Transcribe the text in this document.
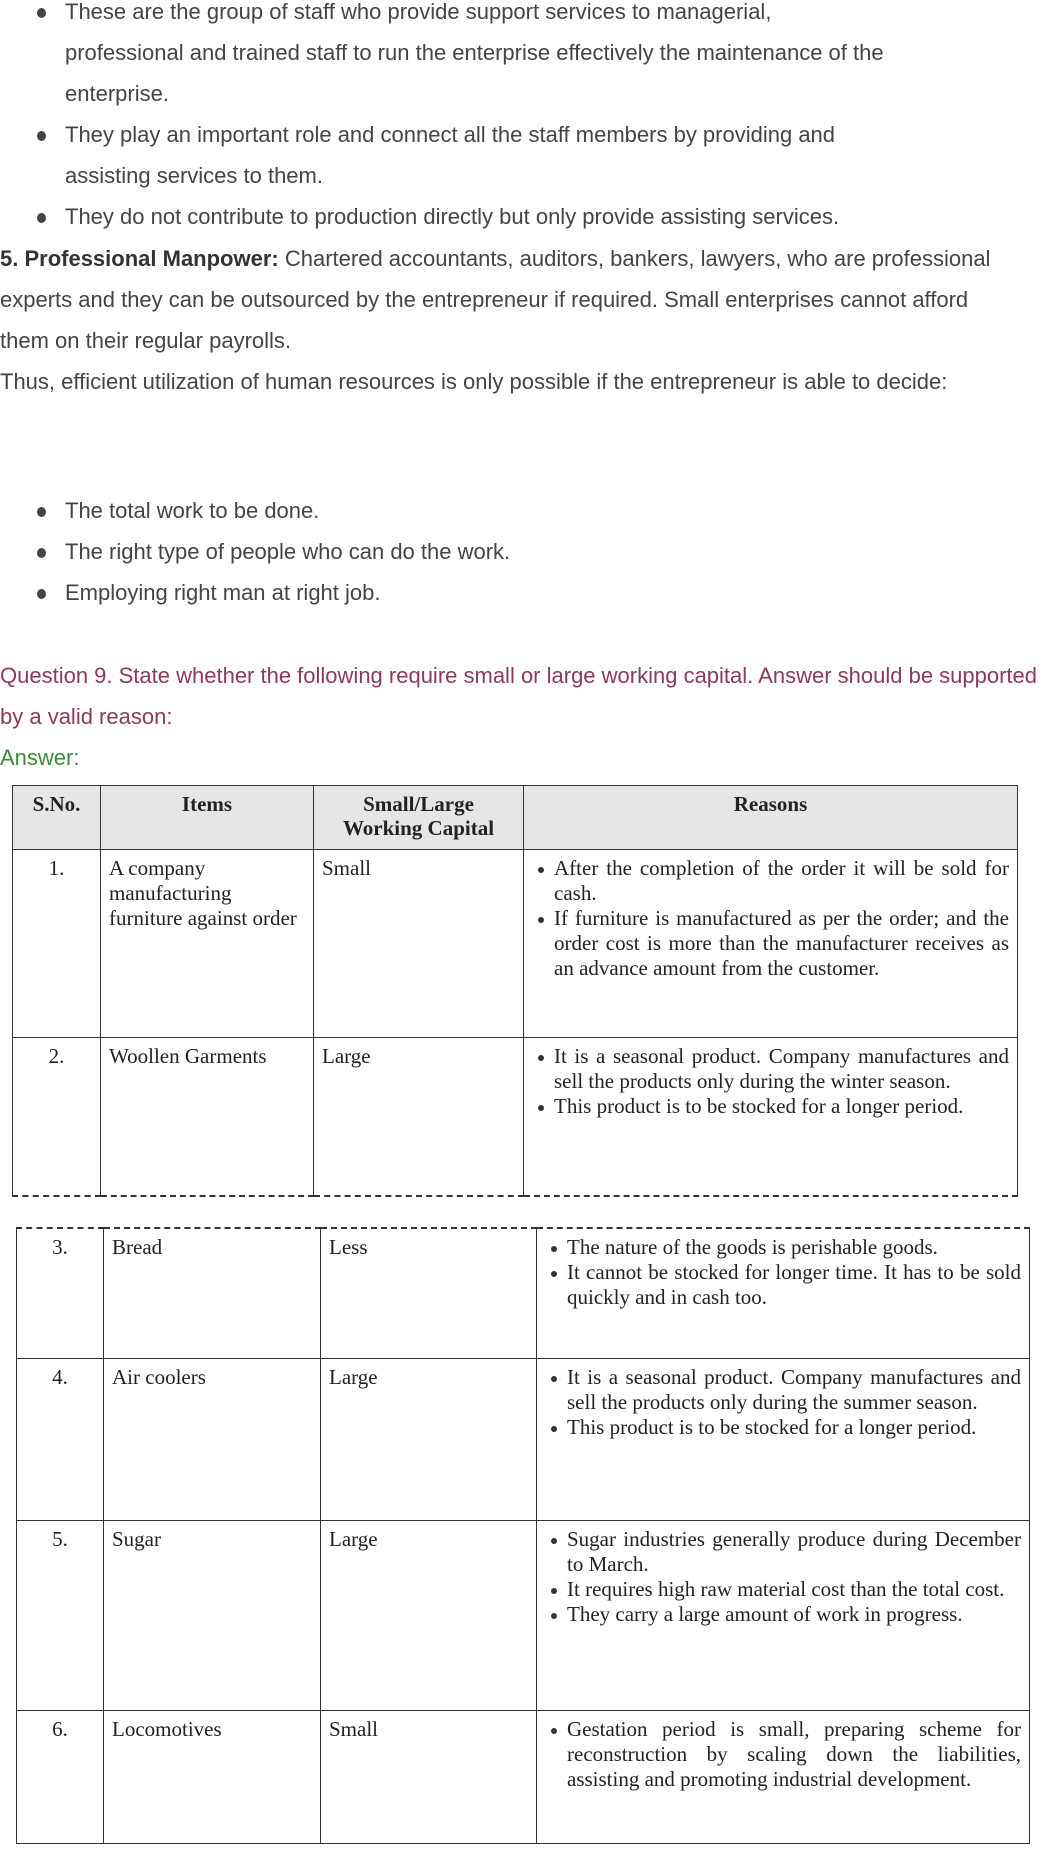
These are the group of staff who provide support services to managerial, professional and trained staff to run the enterprise effectively the maintenance of the enterprise.
They play an important role and connect all the staff members by providing and assisting services to them.
They do not contribute to production directly but only provide assisting services.
5. Professional Manpower: Chartered accountants, auditors, bankers, lawyers, who are professional experts and they can be outsourced by the entrepreneur if required. Small enterprises cannot afford them on their regular payrolls.
Thus, efficient utilization of human resources is only possible if the entrepreneur is able to decide:
The total work to be done.
The right type of people who can do the work.
Employing right man at right job.
Question 9. State whether the following require small or large working capital. Answer should be supported by a valid reason:
Answer:
S.No.	Items	Small/Large Working Capital	Reasons
1.	A company manufacturing furniture against order	Small	After the completion of the order it will be sold for cash.
If furniture is manufactured as per the order; and the order cost is more than the manufacturer receives as an advance amount from the customer.

2.	Woollen Garments	Large	It is a seasonal product. Company manufactures and sell the products only during the winter season.
This product is to be stocked for a longer period.
3.	Bread	Less	The nature of the goods is perishable goods.
It cannot be stocked for longer time. It has to be sold quickly and in cash too.

4.	Air coolers	Large	It is a seasonal product. Company manufactures and sell the products only during the summer season.
This product is to be stocked for a longer period.

5.	Sugar	Large	Sugar industries generally produce during December to March.
It requires high raw material cost than the total cost.
They carry a large amount of work in progress.

6.	Locomotives	Small	Gestation period is small, preparing scheme for reconstruction by scaling down the liabilities, assisting and promoting industrial development.
